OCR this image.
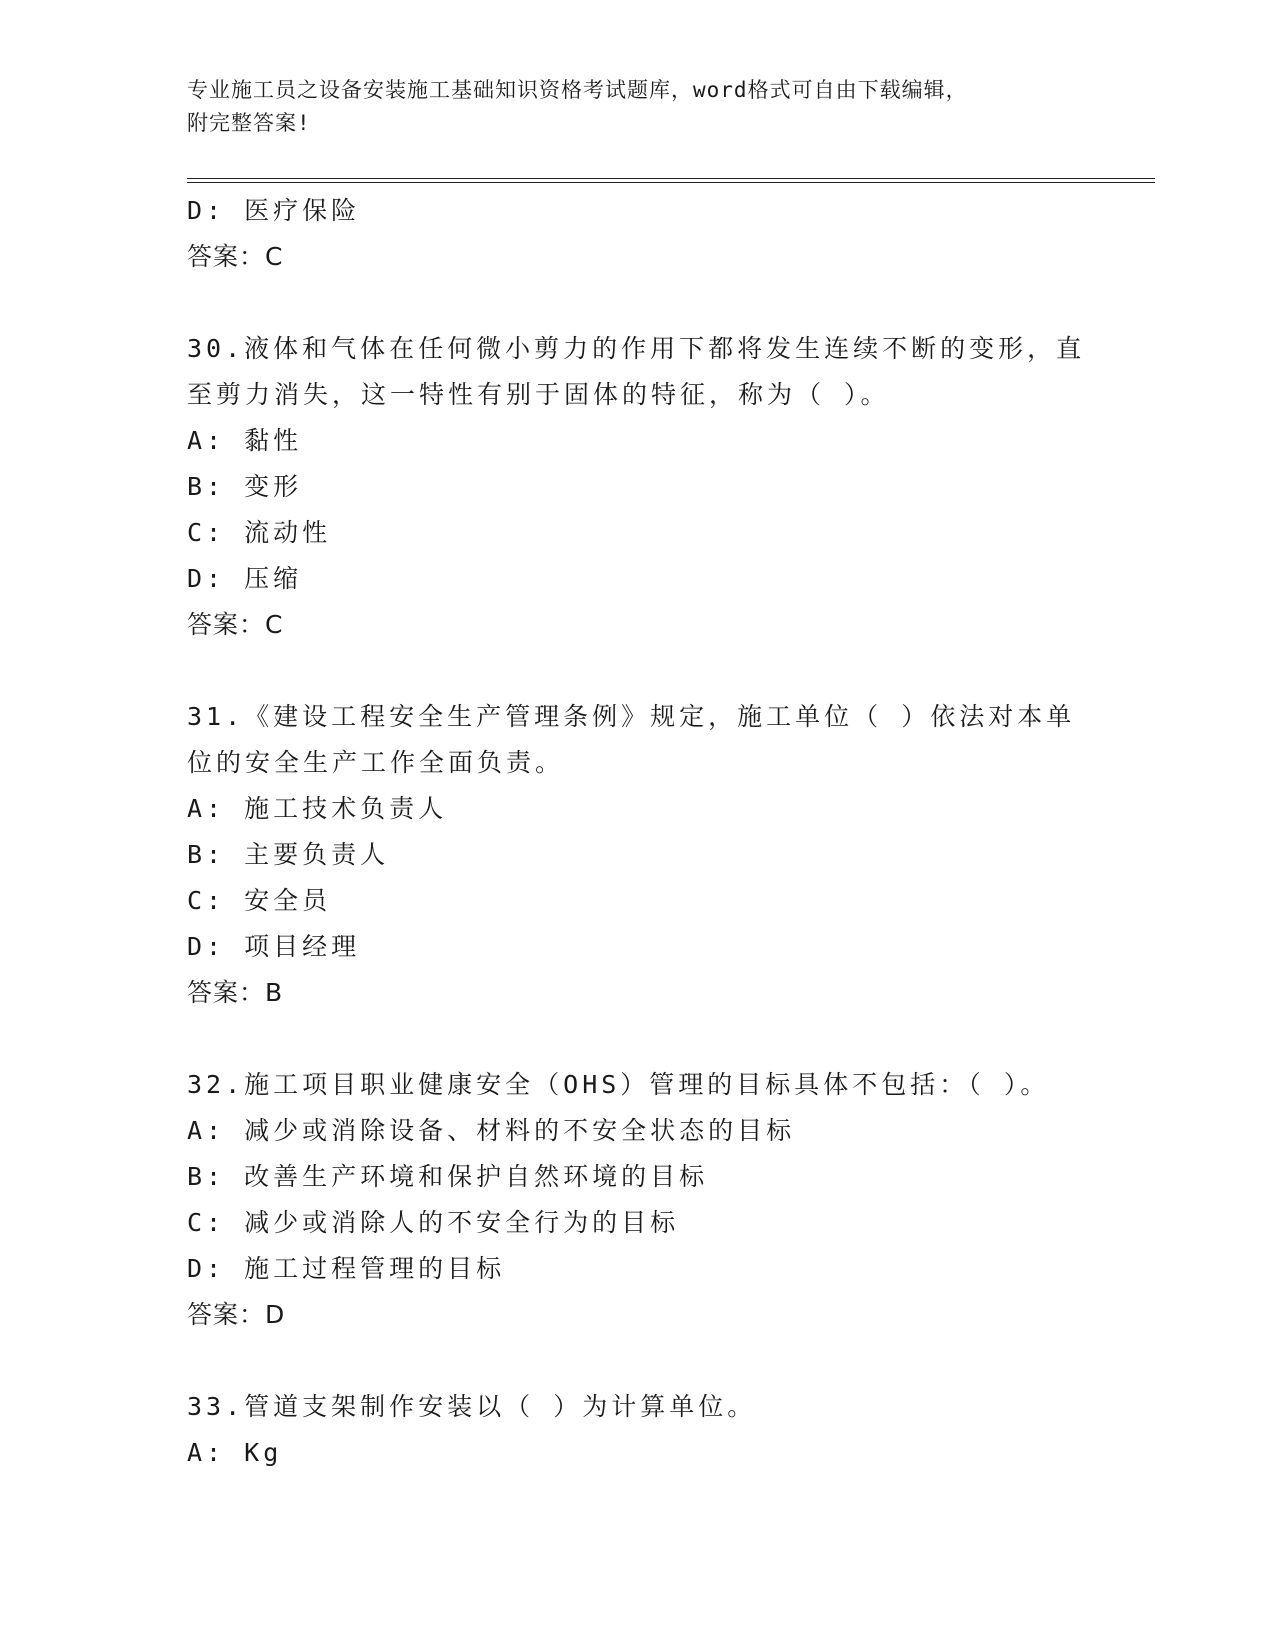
专业施工员之设备安装施工基础知识资格考试题库，word格式可自由下载编辑，
附完整答案!
D: 医疗保险
答案：C
30.液体和气体在任何微小剪力的作用下都将发生连续不断的变形，直
至剪力消失，这一特性有别于固体的特征，称为（ ）。
A: 黏性
B: 变形
C: 流动性
D: 压缩
答案：C
31.《建设工程安全生产管理条例》规定，施工单位（ ）依法对本单
位的安全生产工作全面负责。
A: 施工技术负责人
B: 主要负责人
C: 安全员
D: 项目经理
答案：B
32.施工项目职业健康安全（OHS）管理的目标具体不包括：（ ）。
A: 减少或消除设备、材料的不安全状态的目标
B: 改善生产环境和保护自然环境的目标
C: 减少或消除人的不安全行为的目标
D: 施工过程管理的目标
答案：D
33.管道支架制作安装以（ ）为计算单位。
A: Kg
